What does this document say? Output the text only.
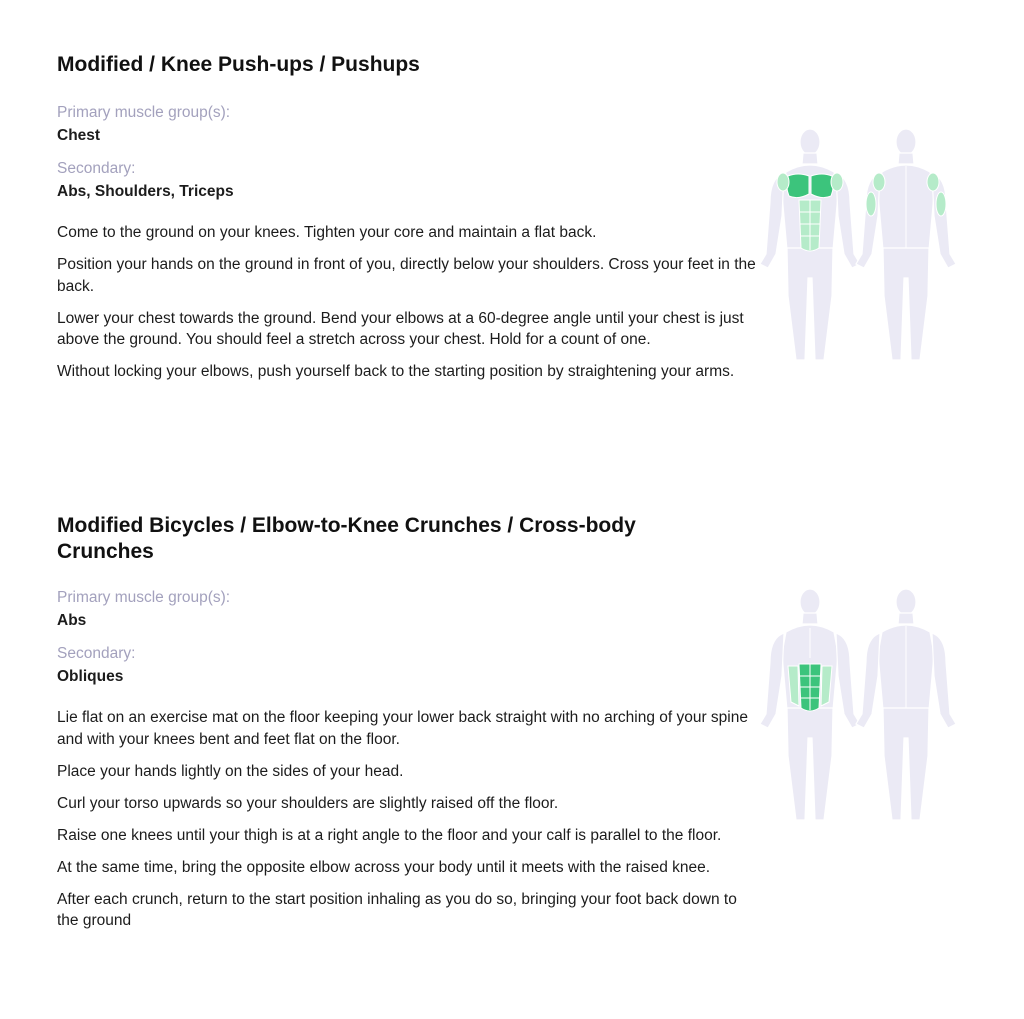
Modified / Knee Push-ups / Pushups

Primary muscle group(s):

Chest

Secondary:

Abs, Shoulders, Triceps

Come to the ground on your knees. Tighten your core and maintain a flat back.
Position your hands on the ground in front of you, directly below your shoulders. Cross your feet in the back.
Lower your chest towards the ground. Bend your elbows at a 60-degree angle until your chest is just above the ground. You should feel a stretch across your chest. Hold for a count of one.
Without locking your elbows, push yourself back to the starting position by straightening your arms.
Modified Bicycles / Elbow-to-Knee Crunches / Cross-body Crunches

Primary muscle group(s):

Abs

Secondary:

Obliques

Lie flat on an exercise mat on the floor keeping your lower back straight with no arching of your spine and with your knees bent and feet flat on the floor.
Place your hands lightly on the sides of your head.
Curl your torso upwards so your shoulders are slightly raised off the floor.
Raise one knees until your thigh is at a right angle to the floor and your calf is parallel to the floor.
At the same time, bring the opposite elbow across your body until it meets with the raised knee.
After each crunch, return to the start position inhaling as you do so, bringing your foot back down to the ground
